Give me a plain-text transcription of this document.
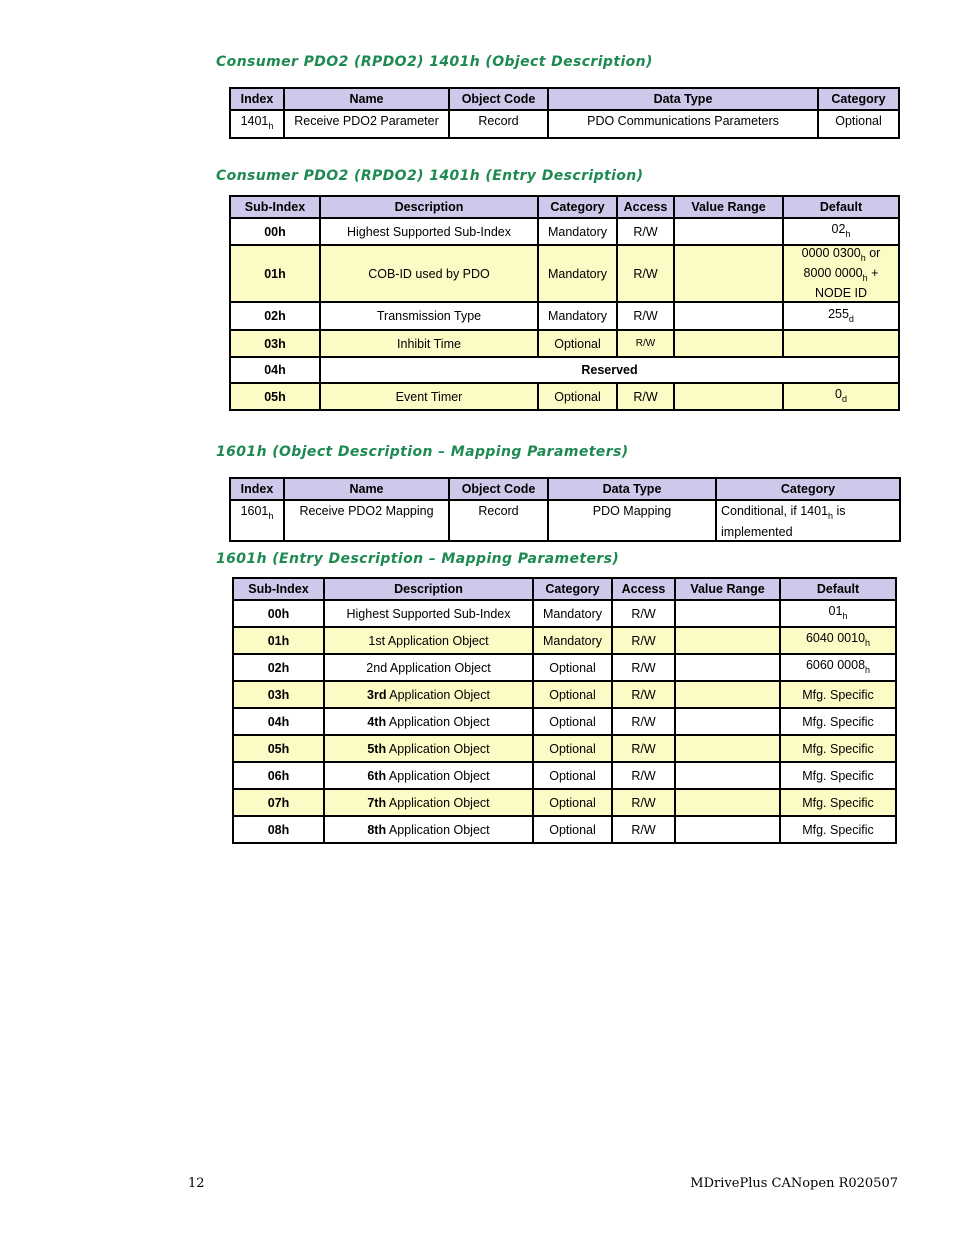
Consumer PDO2 (RPDO2) 1401h (Object Description)
Index	Name	Object Code	Data Type	Category
$1401_h$	Receive PDO2 Parameter	Record	PDO Communications Parameters	Optional
Consumer PDO2 (RPDO2) 1401h (Entry Description)
Sub-Index	Description	Category	Access	Value Range	Default
00h	Highest Supported Sub-Index	Mandatory	R/W		$02_h$
01h	COB-ID used by PDO	Mandatory	R/W		0000 $0300_h$ or
8000 $0000_h$ +
NODE ID
02h	Transmission Type	Mandatory	R/W		$255_d$
03h	Inhibit Time	Optional	R/W		
04h	Reserved				
05h	Event Timer	Optional	R/W		$0_d$
1601h (Object Description – Mapping Parameters)
Index	Name	Object Code	Data Type	Category
$1601_h$	Receive PDO2 Mapping	Record	PDO Mapping	Conditional, if $1401_h$ is
implemented
1601h (Entry Description – Mapping Parameters)
Sub-Index	Description	Category	Access	Value Range	Default
00h	Highest Supported Sub-Index	Mandatory	R/W		$01_h$
01h	1st Application Object	Mandatory	R/W		6040 $0010_h$
02h	2nd Application Object	Optional	R/W		6060 $0008_h$
03h	3rd Application Object	Optional	R/W		Mfg. Specific
04h	4th Application Object	Optional	R/W		Mfg. Specific
05h	5th Application Object	Optional	R/W		Mfg. Specific
06h	6th Application Object	Optional	R/W		Mfg. Specific
07h	7th Application Object	Optional	R/W		Mfg. Specific
08h	8th Application Object	Optional	R/W		Mfg. Specific
12	MDrivePlus CANopen R020507
